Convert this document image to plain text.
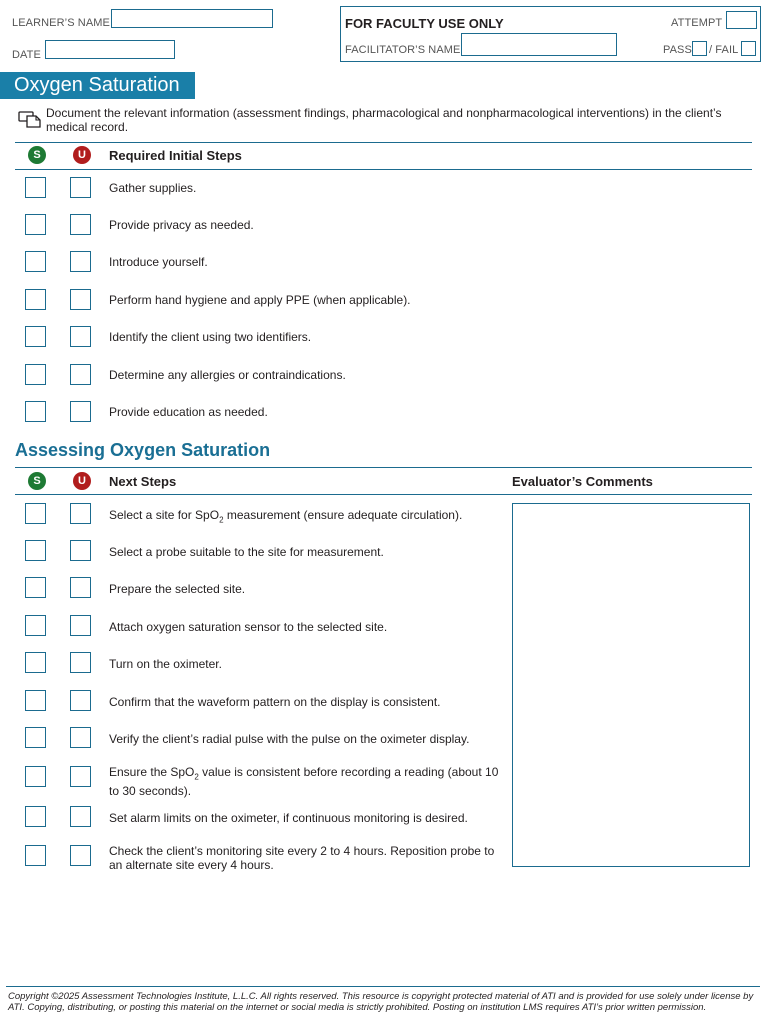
LEARNER’S NAME
DATE
FOR FACULTY USE ONLY	ATTEMPT
FACILITATOR’S NAME	PASS / FAIL
Oxygen Saturation
Document the relevant information (assessment findings, pharmacological and nonpharmacological interventions) in the client’s medical record.
S	U	Required Initial Steps
Gather supplies.
Provide privacy as needed.
Introduce yourself.
Perform hand hygiene and apply PPE (when applicable).
Identify the client using two identifiers.
Determine any allergies or contraindications.
Provide education as needed.
Assessing Oxygen Saturation
S	U	Next Steps	Evaluator’s Comments
Select a site for SpO$_2$ measurement (ensure adequate circulation).
Select a probe suitable to the site for measurement.
Prepare the selected site.
Attach oxygen saturation sensor to the selected site.
Turn on the oximeter.
Confirm that the waveform pattern on the display is consistent.
Verify the client’s radial pulse with the pulse on the oximeter display.
Ensure the SpO$_2$ value is consistent before recording a reading (about 10 to 30 seconds).
Set alarm limits on the oximeter, if continuous monitoring is desired.
Check the client’s monitoring site every 2 to 4 hours. Reposition probe to an alternate site every 4 hours.
Copyright ©2025 Assessment Technologies Institute, L.L.C. All rights reserved. This resource is copyright protected material of ATI and is provided for use solely under license by ATI. Copying, distributing, or posting this material on the internet or social media is strictly prohibited. Posting on institution LMS requires ATI’s prior written permission.
